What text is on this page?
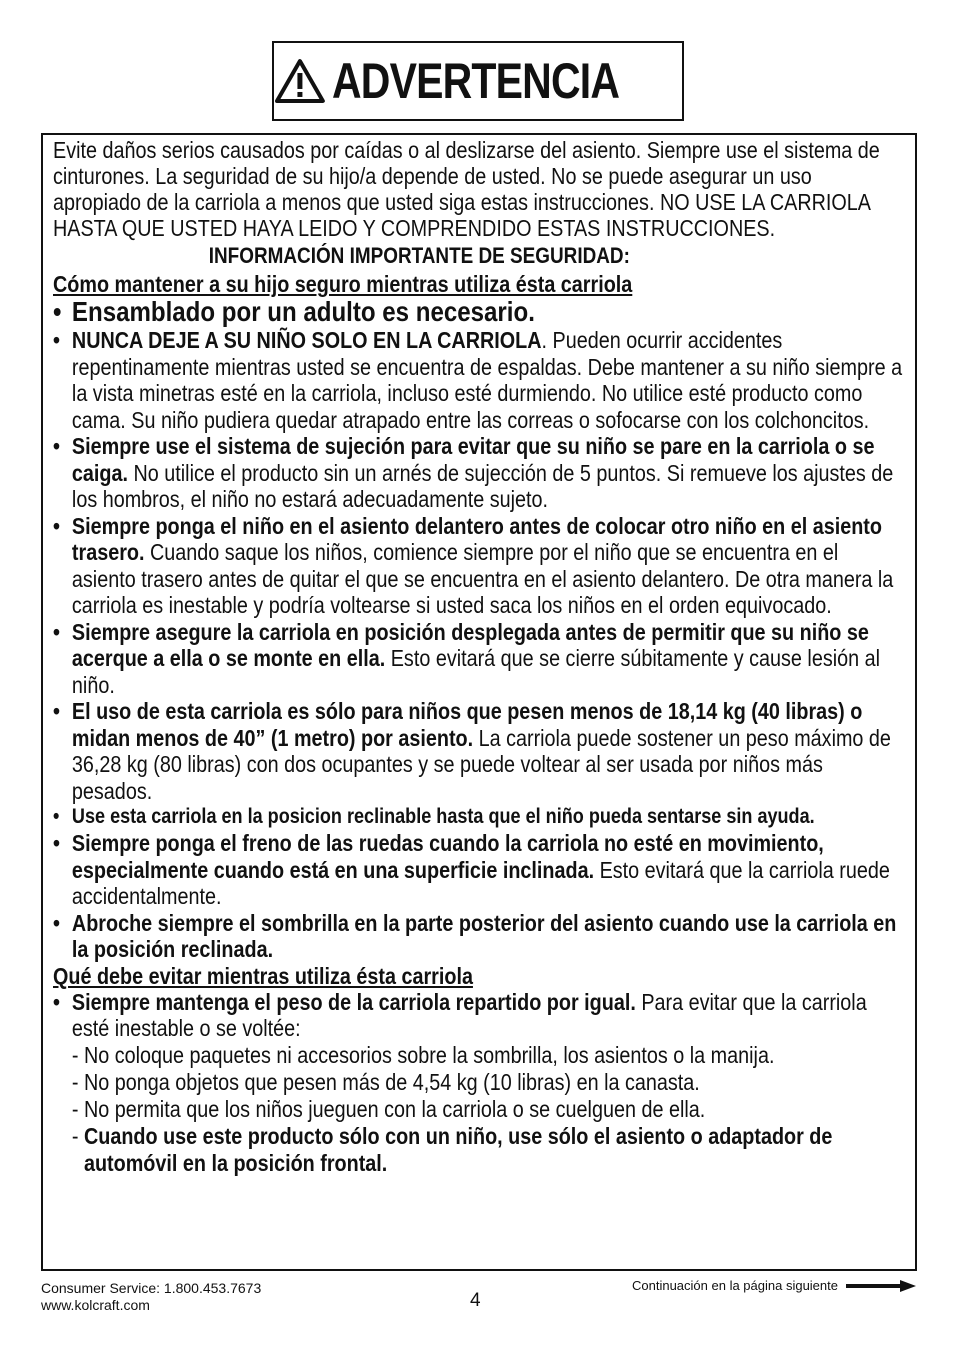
ADVERTENCIA

Evite daños serios causados por caídas o al deslizarse del asiento. Siempre use el sistema de cinturones. La seguridad de su hijo/a depende de usted. No se puede asegurar un uso apropiado de la carriola a menos que usted siga estas instrucciones. NO USE LA CARRIOLA HASTA QUE USTED HAYA LEIDO Y COMPRENDIDO ESTAS INSTRUCCIONES.

INFORMACIÓN IMPORTANTE DE SEGURIDAD:

Cómo mantener a su hijo seguro mientras utiliza ésta carriola

• Ensamblado por un adulto es necesario.
• NUNCA DEJE A SU NIÑO SOLO EN LA CARRIOLA. Pueden ocurrir accidentes repentinamente mientras usted se encuentra de espaldas. Debe mantener a su niño siempre a la vista minetras esté en la carriola, incluso esté durmiendo. No utilice esté producto como cama. Su niño pudiera quedar atrapado entre las correas o sofocarse con los colchoncitos.
• Siempre use el sistema de sujeción para evitar que su niño se pare en la carriola o se caiga. No utilice el producto sin un arnés de sujección de 5 puntos. Si remueve los ajustes de los hombros, el niño no estará adecuadamente sujeto.
• Siempre ponga el niño en el asiento delantero antes de colocar otro niño en el asiento trasero. Cuando saque los niños, comience siempre por el niño que se encuentra en el asiento trasero antes de quitar el que se encuentra en el asiento delantero. De otra manera la carriola es inestable y podría voltearse si usted saca los niños en el orden equivocado.
• Siempre asegure la carriola en posición desplegada antes de permitir que su niño se acerque a ella o se monte en ella. Esto evitará que se cierre súbitamente y cause lesión al niño.
• El uso de esta carriola es sólo para niños que pesen menos de 18,14 kg (40 libras) o midan menos de 40” (1 metro) por asiento. La carriola puede sostener un peso máximo de 36,28 kg (80 libras) con dos ocupantes y se puede voltear al ser usada por niños más pesados.
• Use esta carriola en la posicion reclinable hasta que el niño pueda sentarse sin ayuda.
• Siempre ponga el freno de las ruedas cuando la carriola no esté en movimiento, especialmente cuando está en una superficie inclinada. Esto evitará que la carriola ruede accidentalmente.
• Abroche siempre el sombrilla en la parte posterior del asiento cuando use la carriola en la posición reclinada.

Qué debe evitar mientras utiliza ésta carriola

• Siempre mantenga el peso de la carriola repartido por igual. Para evitar que la carriola esté inestable o se voltée:
- No coloque paquetes ni accesorios sobre la sombrilla, los asientos o la manija.
- No ponga objetos que pesen más de 4,54 kg (10 libras) en la canasta.
- No permita que los niños jueguen con la carriola o se cuelguen de ella.
- Cuando use este producto sólo con un niño, use sólo el asiento o adaptador de automóvil en la posición frontal.
Consumer Service: 1.800.453.7673
www.kolcraft.com	4
Continuación en la página siguiente
